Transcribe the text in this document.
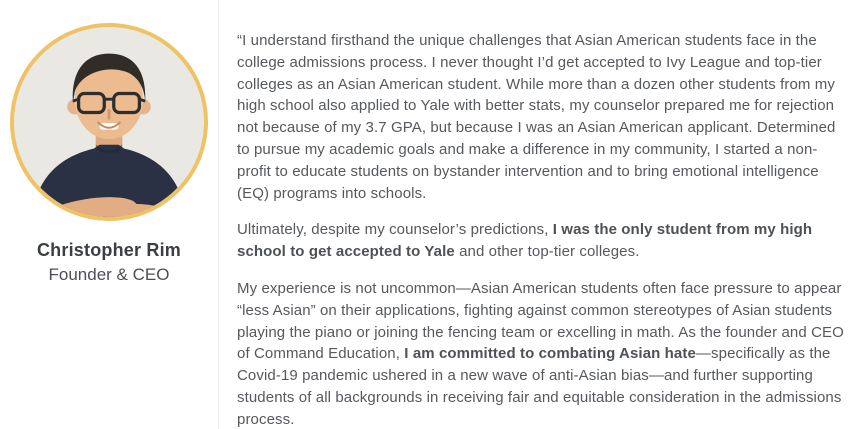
Christopher Rim
Founder & CEO

“I understand firsthand the unique challenges that Asian American students face in the college admissions process. I never thought I’d get accepted to Ivy League and top-tier colleges as an Asian American student. While more than a dozen other students from my high school also applied to Yale with better stats, my counselor prepared me for rejection not because of my 3.7 GPA, but because I was an Asian American applicant. Determined to pursue my academic goals and make a difference in my community, I started a non-profit to educate students on bystander intervention and to bring emotional intelligence (EQ) programs into schools.

Ultimately, despite my counselor’s predictions, I was the only student from my high school to get accepted to Yale and other top-tier colleges.

My experience is not uncommon—Asian American students often face pressure to appear “less Asian” on their applications, fighting against common stereotypes of Asian students playing the piano or joining the fencing team or excelling in math. As the founder and CEO of Command Education, I am committed to combating Asian hate—specifically as the Covid-19 pandemic ushered in a new wave of anti-Asian bias—and further supporting students of all backgrounds in receiving fair and equitable consideration in the admissions process.
